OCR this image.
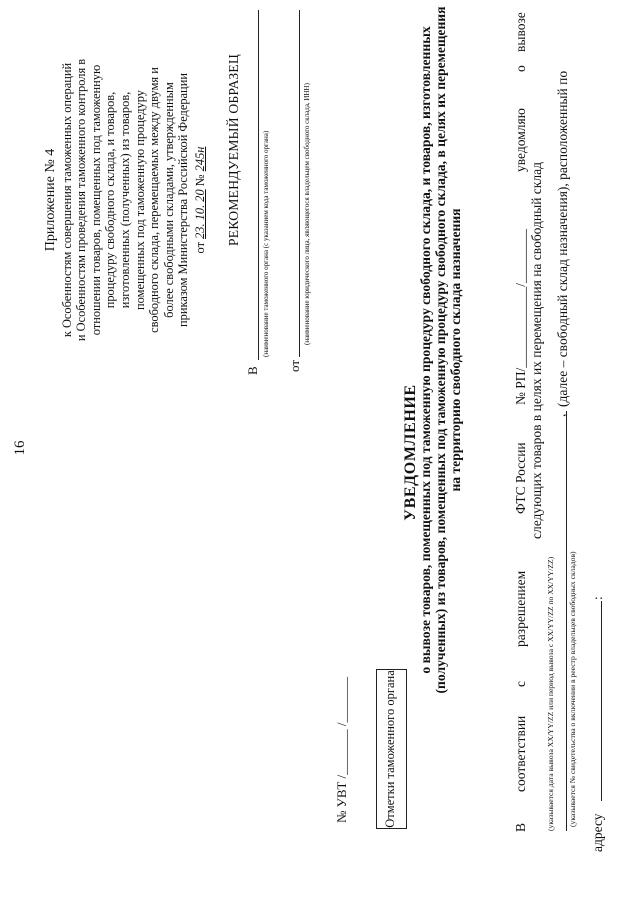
16
Приложение № 4 к Особенностям совершения таможенных операций и Особенностям проведения таможенного контроля в отношении товаров, помещенных под таможенную процедуру свободного склада, и товаров, изготовленных (полученных) из товаров, помещенных под таможенную процедуру свободного склада, перемещаемых между двумя и более свободными складами, утвержденным приказом Министерства Российской Федерации от 23. 10. 20 № 245н РЕКОМЕНДУЕМЫЙ ОБРАЗЕЦ
В
(наименование таможенного органа (с указанием кода таможенного органа)
от
(наименование юридического лица, являющегося владельцем свободного склада, ИНН)
№ УВТ /_______ /_______	Отметки таможенного органа
УВЕДОМЛЕНИЕ о вывозе товаров, помещенных под таможенную процедуру свободного склада, и товаров, изготовленных (полученных) из товаров, помещенных под таможенную процедуру свободного склада, в целях их перемещения на территорию свободного склада назначения
В
соответствии
с
разрешением
ФТС России
№ РП/____________/________
уведомляю
о
вывозе
следующих товаров в целях их перемещения на свободный склад
(указывается дата вывоза XX/YY/ZZ или период вывоза с XX/YY/ZZ по XX/YY/ZZ)
,
(далее – свободный склад назначения), расположенный по
(указывается № свидетельства о включении в реестр владельцев свободных складов)
адресу
:
